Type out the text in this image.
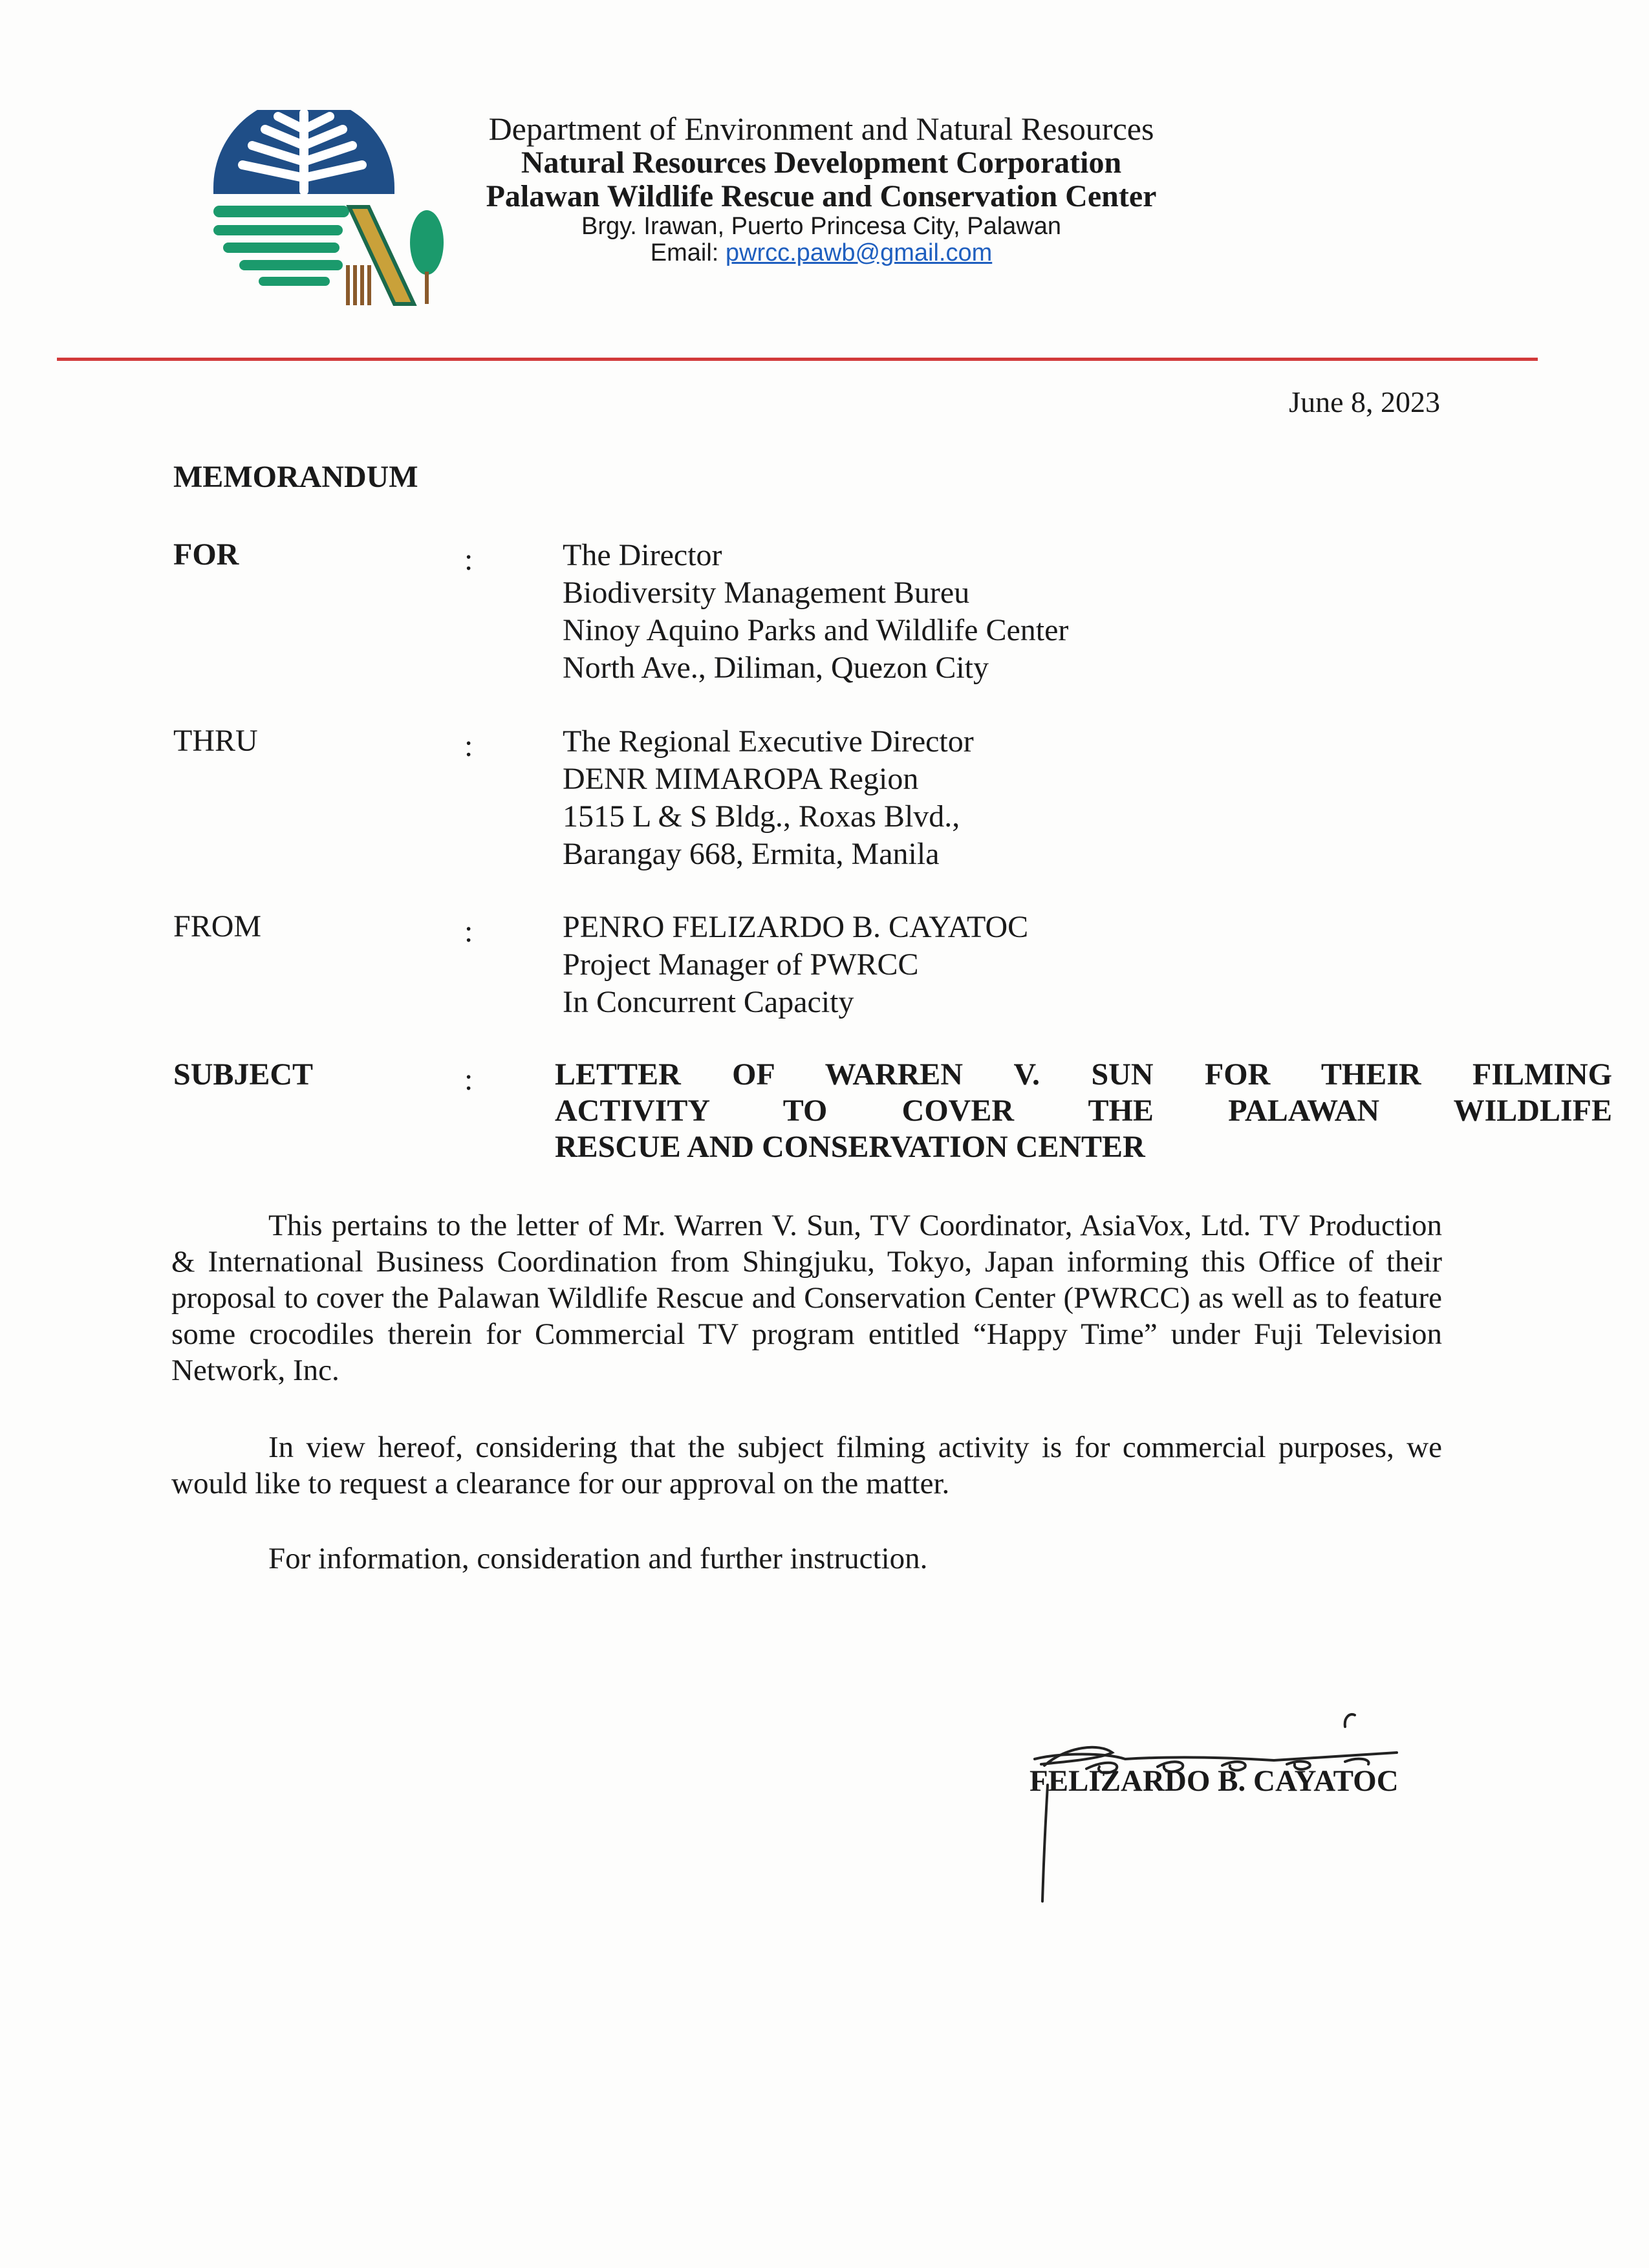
Department of Environment and Natural Resources
Natural Resources Development Corporation
Palawan Wildlife Rescue and Conservation Center
Brgy. Irawan, Puerto Princesa City, Palawan
Email: pwrcc.pawb@gmail.com
June 8, 2023
MEMORANDUM
FOR	:	The Director
Biodiversity Management Bureu
Ninoy Aquino Parks and Wildlife Center
North Ave., Diliman, Quezon City
THRU	:	The Regional Executive Director
DENR MIMAROPA Region
1515 L & S Bldg., Roxas Blvd.,
Barangay 668, Ermita, Manila
FROM	:	PENRO FELIZARDO B. CAYATOC
Project Manager of PWRCC
In Concurrent Capacity
SUBJECT	:	LETTER OF WARREN V. SUN FOR THEIR FILMING
ACTIVITY TO COVER THE PALAWAN WILDLIFE
RESCUE AND CONSERVATION CENTER
This pertains to the letter of Mr. Warren V. Sun, TV Coordinator, AsiaVox, Ltd. TV Production & International Business Coordination from Shingjuku, Tokyo, Japan informing this Office of their proposal to cover the Palawan Wildlife Rescue and Conservation Center (PWRCC) as well as to feature some crocodiles therein for Commercial TV program entitled “Happy Time” under Fuji Television Network, Inc.
In view hereof, considering that the subject filming activity is for commercial purposes, we would like to request a clearance for our approval on the matter.
For information, consideration and further instruction.
FELIZARDO B. CAYATOC
